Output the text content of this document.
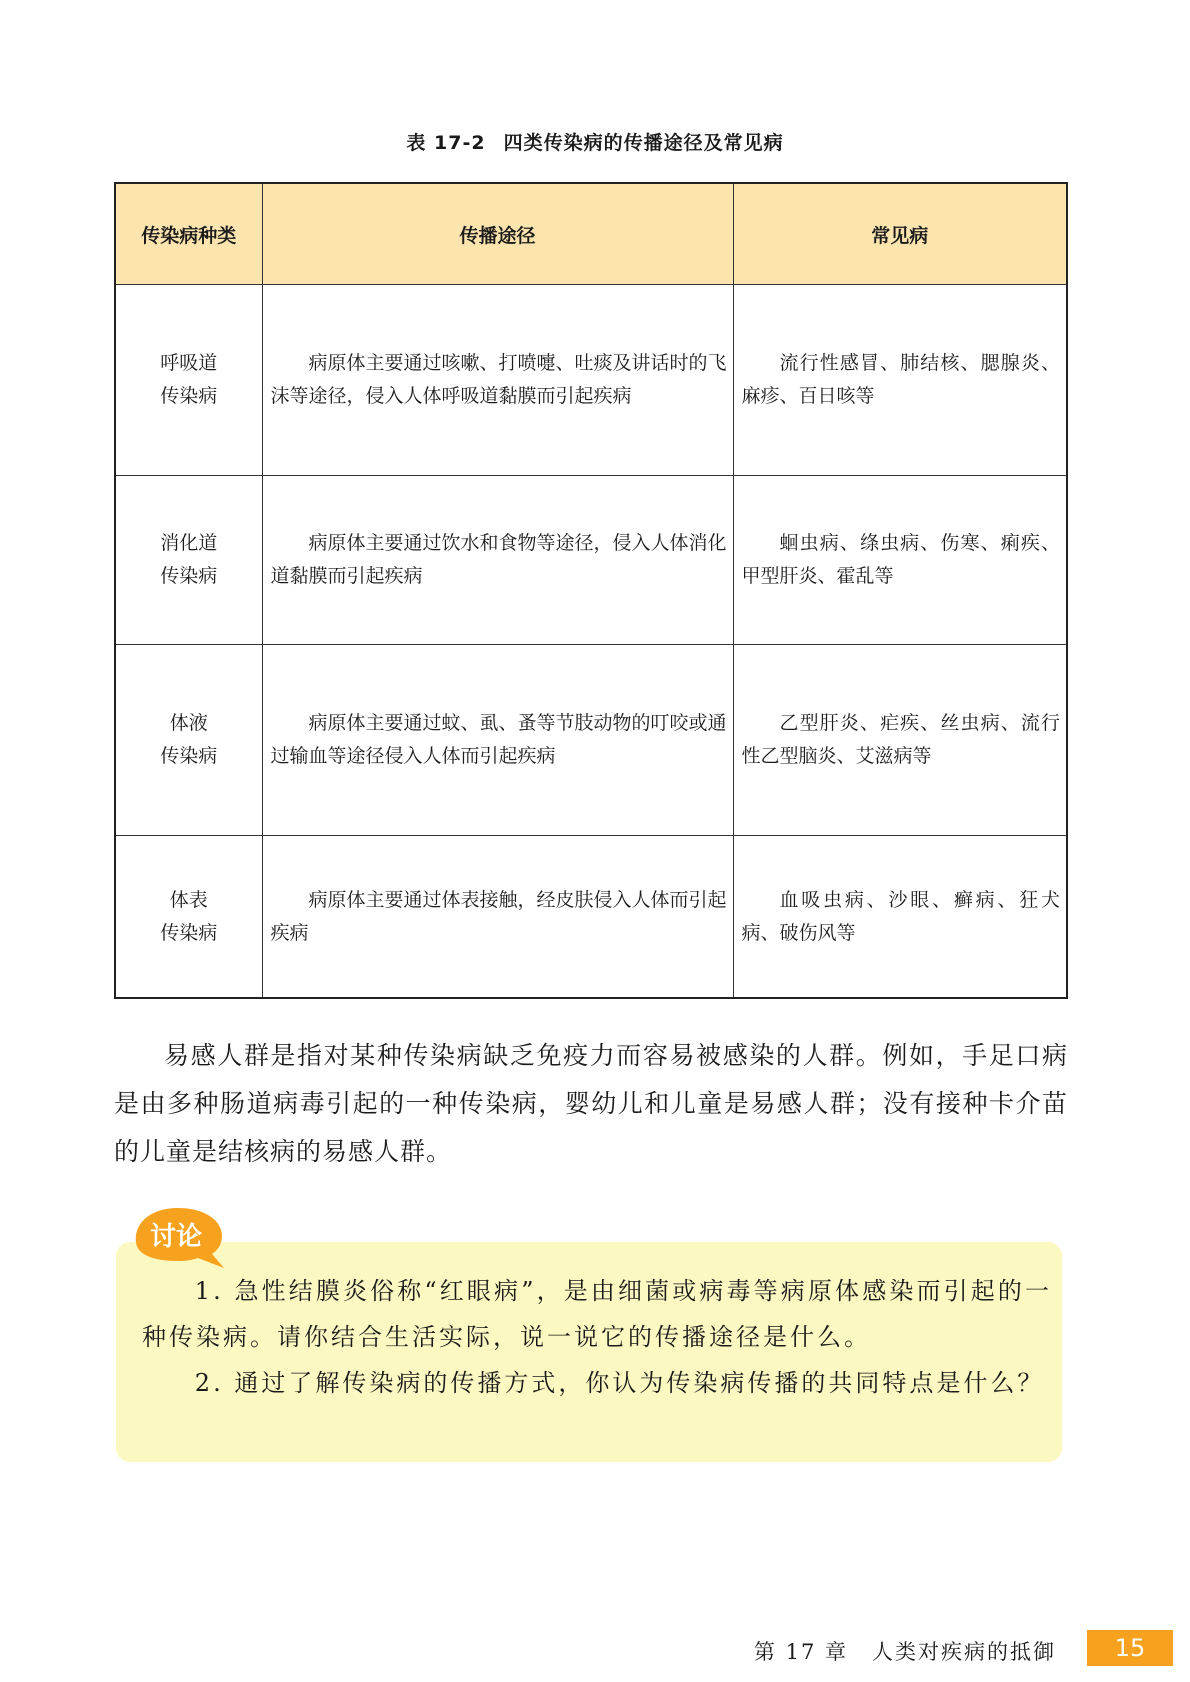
表 17-2 四类传染病的传播途径及常见病
传染病种类	传播途径	常见病

呼吸道
传染病	病原体主要通过咳嗽、打喷嚏、吐痰及讲话时的飞沫等途径，侵入人体呼吸道黏膜而引起疾病	流行性感冒、肺结核、腮腺炎、麻疹、百日咳等

消化道
传染病	病原体主要通过饮水和食物等途径，侵入人体消化道黏膜而引起疾病	蛔虫病、绦虫病、伤寒、痢疾、甲型肝炎、霍乱等

体液
传染病	病原体主要通过蚊、虱、蚤等节肢动物的叮咬或通过输血等途径侵入人体而引起疾病	乙型肝炎、疟疾、丝虫病、流行性乙型脑炎、艾滋病等

体表
传染病	病原体主要通过体表接触，经皮肤侵入人体而引起疾病	血吸虫病、沙眼、癣病、狂犬病、破伤风等

易感人群是指对某种传染病缺乏免疫力而容易被感染的人群。例如，手足口病是由多种肠道病毒引起的一种传染病，婴幼儿和儿童是易感人群；没有接种卡介苗的儿童是结核病的易感人群。

讨论

1. 急性结膜炎俗称“红眼病”，是由细菌或病毒等病原体感染而引起的一种传染病。请你结合生活实际，说一说它的传播途径是什么。

2. 通过了解传染病的传播方式，你认为传染病传播的共同特点是什么？

第 17 章 人类对疾病的抵御	15
